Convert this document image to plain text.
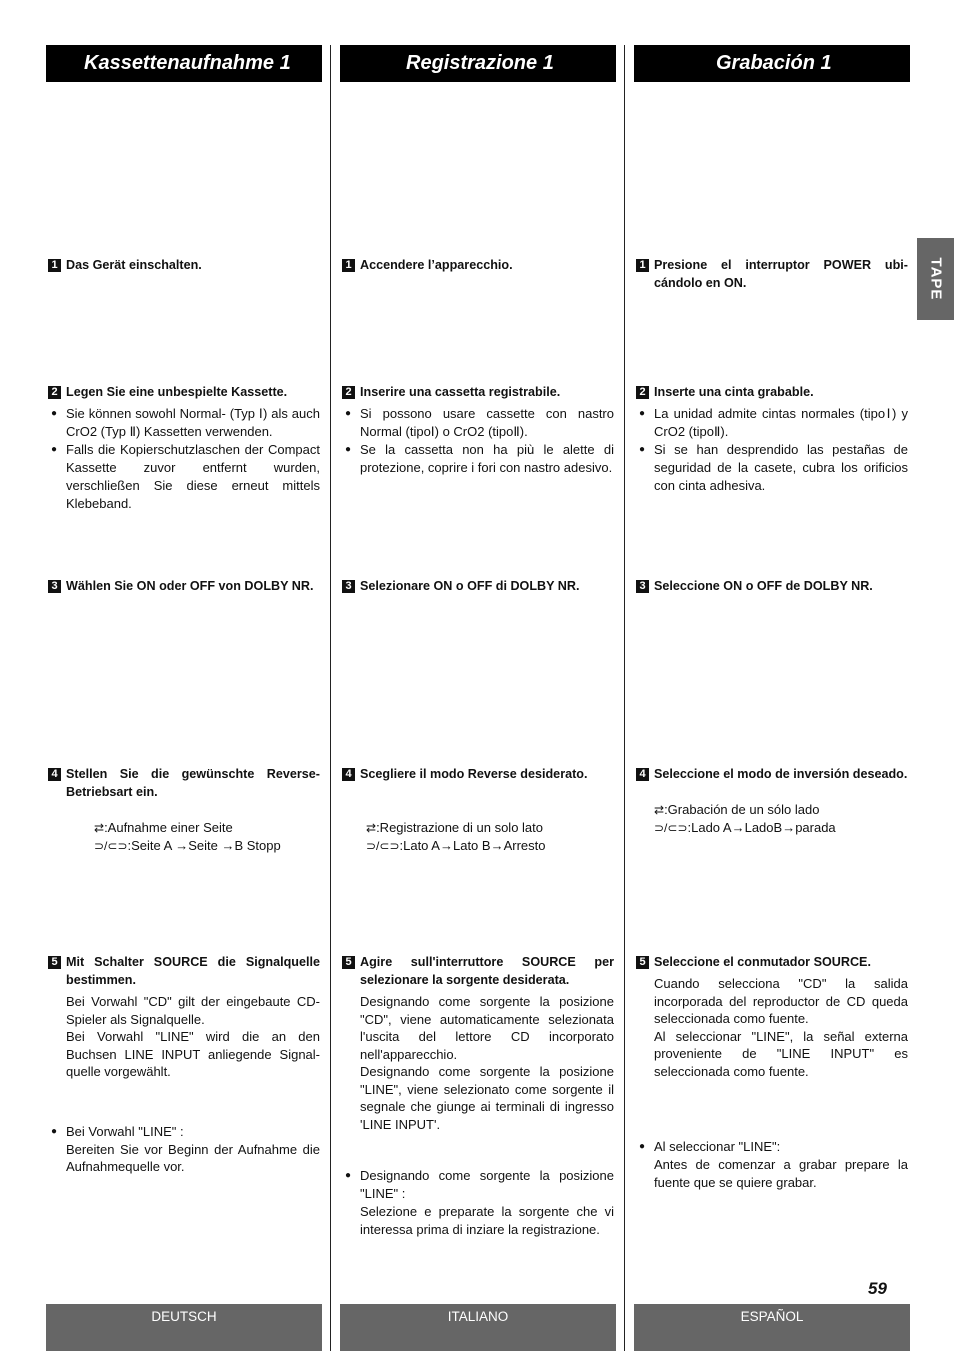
Kassettenaufnahme 1
1 Das Gerät einschalten.
2 Legen Sie eine unbespielte Kassette.
● Sie können sowohl Normal- (Typ Ⅰ) als auch CrO2 (Typ Ⅱ) Kassetten verwenden.
● Falls die Kopierschutzlaschen der Compact Kassette zuvor entfernt wurden, verschließen Sie diese erneut mittels Klebeband.
3 Wählen Sie ON oder OFF von DOLBY NR.
4 Stellen Sie die gewünschte Reverse-Betriebsart ein.
⇄:Aufnahme einer Seite
⊃/⊂⊃:Seite A →Seite →B Stopp
5 Mit Schalter SOURCE die Signalquelle bestimmen.

Bei Vorwahl "CD" gilt der eingebaute CD-Spieler als Signalquelle.

Bei Vorwahl "LINE" wird die an den Buchsen LINE INPUT anliegende Signal-quelle vorgewählt.

● Bei Vorwahl "LINE" :
Bereiten Sie vor Beginn der Aufnahme die Aufnahmequelle vor.
Registrazione 1
1 Accendere l’apparecchio.
2 Inserire una cassetta registrabile.
● Si possono usare cassette con nastro Normal (tipoⅠ) o CrO2 (tipoⅡ).
● Se la cassetta non ha più le alette di protezione, coprire i fori con nastro adesivo.
3 Selezionare ON o OFF di DOLBY NR.
4 Scegliere il modo Reverse desiderato.
⇄:Registrazione di un solo lato
⊃/⊂⊃:Lato A→Lato B→Arresto
5 Agire sull'interruttore SOURCE per selezionare la sorgente desiderata.

Designando come sorgente la posizione "CD", viene automaticamente selezionata l'uscita del lettore CD incorporato nell'apparecchio.

Designando come sorgente la posizione "LINE", viene selezionato come sorgente il segnale che giunge ai terminali di ingresso 'LINE INPUT'.

● Designando come sorgente la posizione "LINE" :
Selezione e preparate la sorgente che vi interessa prima di inziare la registrazione.
Grabación 1
1 Presione el interruptor POWER ubi-cándolo en ON.
2 Inserte una cinta grabable.
● La unidad admite cintas normales (tipoⅠ) y CrO2 (tipoⅡ).
● Si se han desprendido las pestañas de seguridad de la casete, cubra los orificios con cinta adhesiva.
3 Seleccione ON o OFF de DOLBY NR.
4 Seleccione el modo de inversión deseado.
⇄:Grabación de un sólo lado
⊃/⊂⊃:Lado A→LadoB→parada
5 Seleccione el conmutador SOURCE.

Cuando selecciona "CD" la salida incorporada del reproductor de CD queda seleccionada como fuente.

Al seleccionar "LINE", la señal externa proveniente de "LINE INPUT" es seleccionada como fuente.

● Al seleccionar "LINE":
Antes de comenzar a grabar prepare la fuente que se quiere grabar.
TAPE
59
DEUTSCH	ITALIANO	ESPAÑOL
